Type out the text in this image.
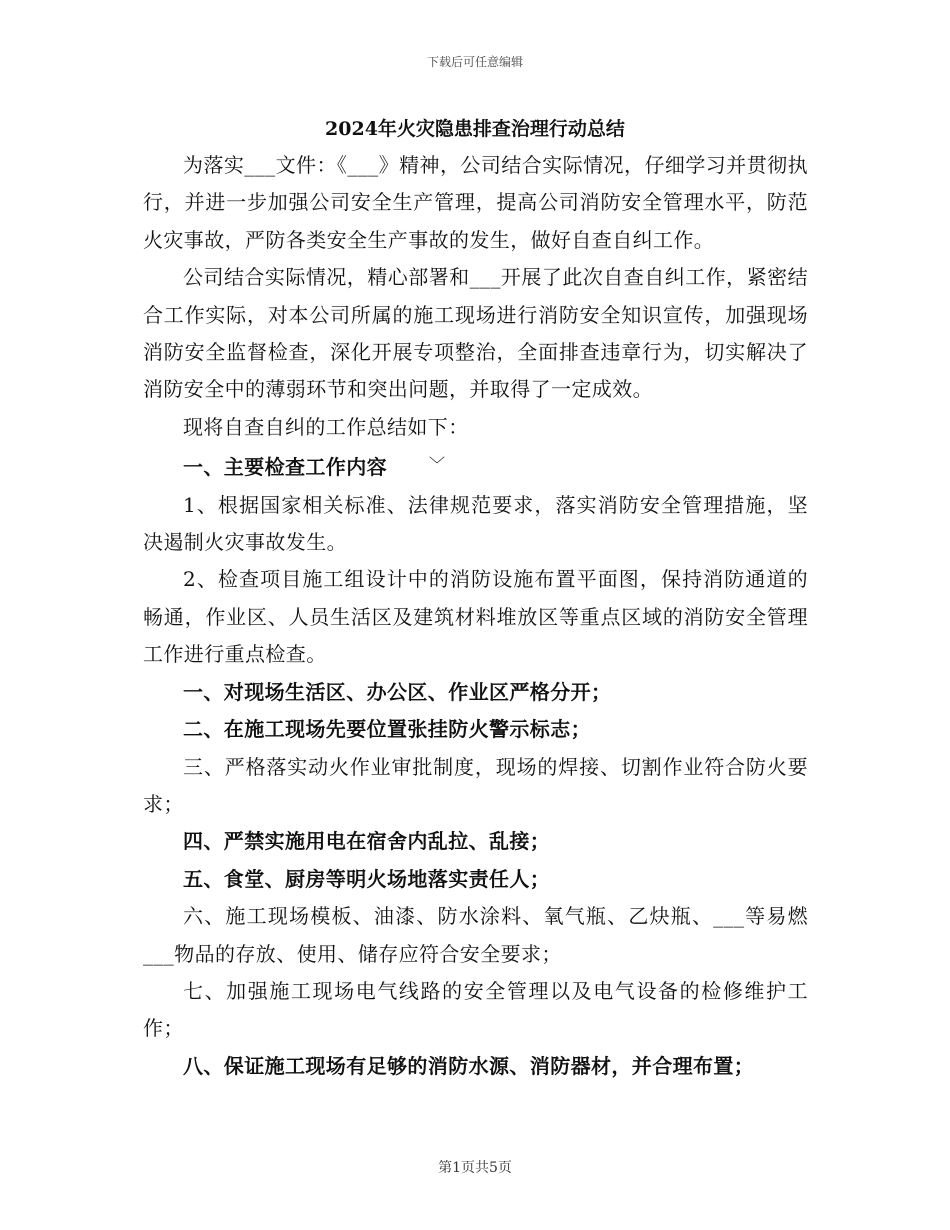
下载后可任意编辑
2024年火灾隐患排查治理行动总结

为落实___文件：《___》精神，公司结合实际情况，仔细学习并贯彻执行，并进一步加强公司安全生产管理，提高公司消防安全管理水平，防范火灾事故，严防各类安全生产事故的发生，做好自查自纠工作。

公司结合实际情况，精心部署和___开展了此次自查自纠工作，紧密结合工作实际，对本公司所属的施工现场进行消防安全知识宣传，加强现场消防安全监督检查，深化开展专项整治，全面排查违章行为，切实解决了消防安全中的薄弱环节和突出问题，并取得了一定成效。

现将自查自纠的工作总结如下：

一、主要检查工作内容	﹀

1、根据国家相关标准、法律规范要求，落实消防安全管理措施，坚决遏制火灾事故发生。

2、检查项目施工组设计中的消防设施布置平面图，保持消防通道的畅通，作业区、人员生活区及建筑材料堆放区等重点区域的消防安全管理工作进行重点检查。

一、对现场生活区、办公区、作业区严格分开；

二、在施工现场先要位置张挂防火警示标志；

三、严格落实动火作业审批制度，现场的焊接、切割作业符合防火要求；

四、严禁实施用电在宿舍内乱拉、乱接；

五、食堂、厨房等明火场地落实责任人；

六、施工现场模板、油漆、防水涂料、氧气瓶、乙炔瓶、___等易燃___物品的存放、使用、储存应符合安全要求；

七、加强施工现场电气线路的安全管理以及电气设备的检修维护工作；

八、保证施工现场有足够的消防水源、消防器材，并合理布置；

第1页共5页
